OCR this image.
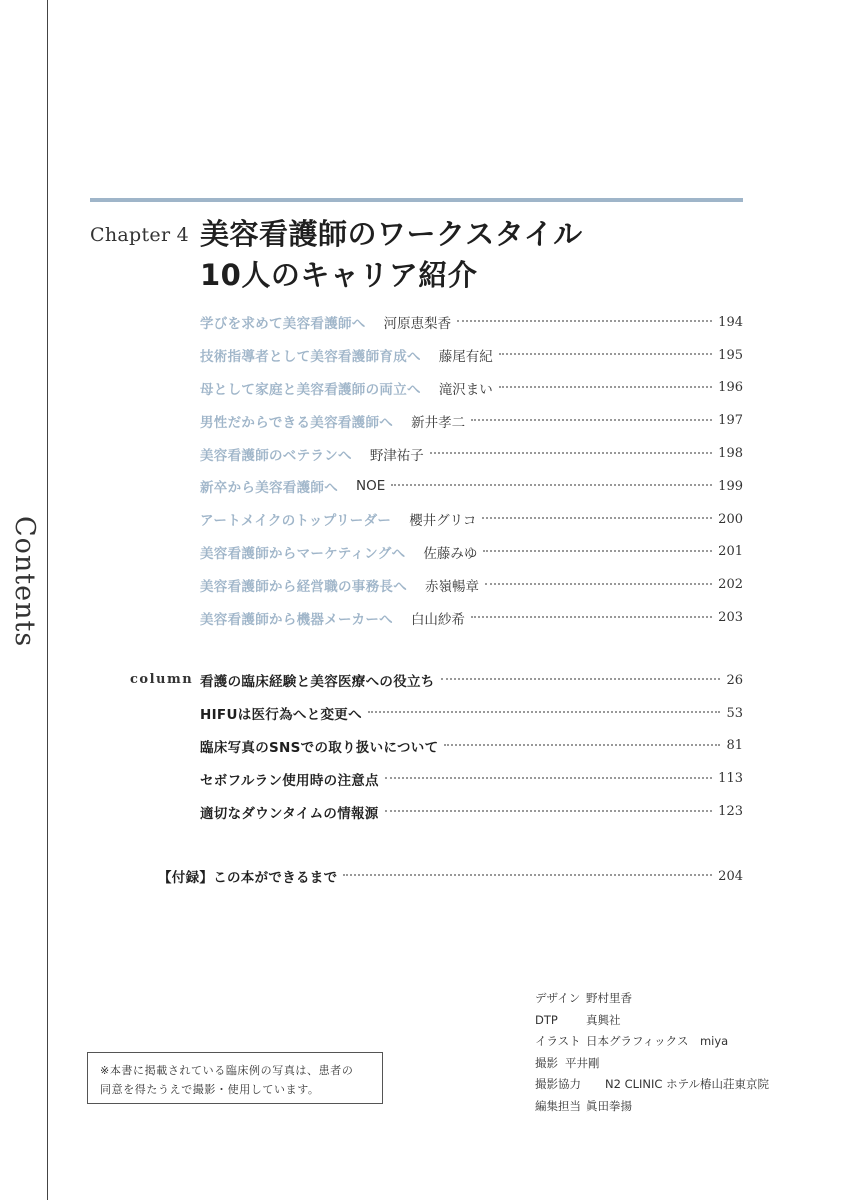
Contents
Chapter 4 美容看護師のワークスタイル
10人のキャリア紹介
学びを求めて美容看護師へ 河原恵梨香	194
技術指導者として美容看護師育成へ 藤尾有紀	195
母として家庭と美容看護師の両立へ 滝沢まい	196
男性だからできる美容看護師へ 新井孝二	197
美容看護師のベテランへ 野津祐子	198
新卒から美容看護師へ NOE	199
アートメイクのトップリーダー 櫻井グリコ	200
美容看護師からマーケティングへ 佐藤みゆ	201
美容看護師から経営職の事務長へ 赤嶺暢章	202
美容看護師から機器メーカーへ 白山紗希	203
column 看護の臨床経験と美容医療への役立ち	26
HIFUは医行為へと変更へ	53
臨床写真のSNSでの取り扱いについて	81
セボフルラン使用時の注意点	113
適切なダウンタイムの情報源	123
【付録】この本ができるまで	204
デザイン 野村里香
DTP 真興社
イラスト 日本グラフィックス　miya
撮影 平井剛
撮影協力 N2 CLINIC ホテル椿山荘東京院
編集担当 眞田拳揚
※本書に掲載されている臨床例の写真は、患者の
同意を得たうえで撮影・使用しています。
